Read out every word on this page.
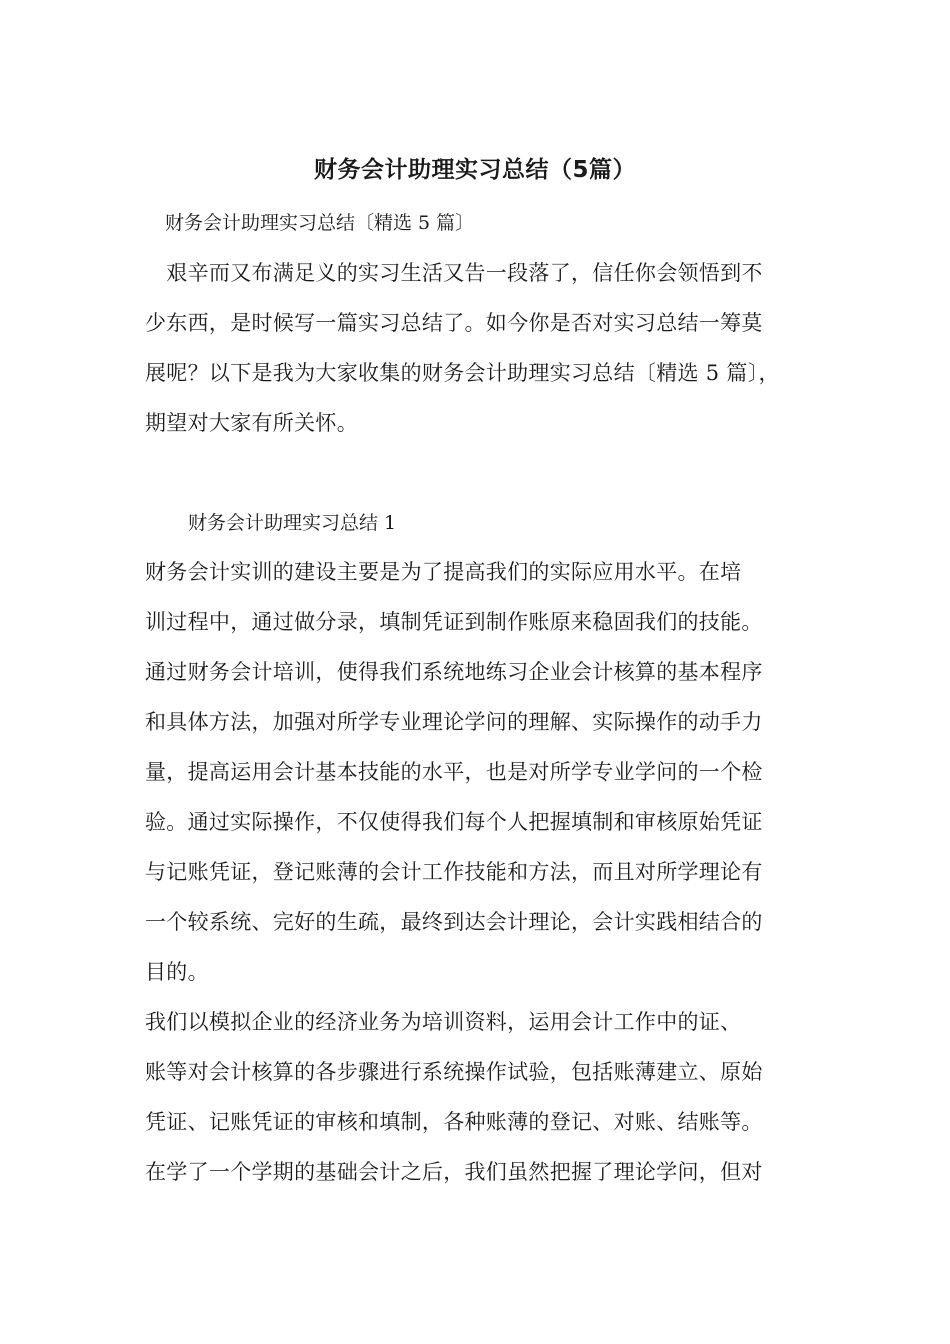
财务会计助理实习总结（5篇）

财务会计助理实习总结〔精选 5 篇〕

　艰辛而又布满足义的实习生活又告一段落了，信任你会领悟到不
少东西，是时候写一篇实习总结了。如今你是否对实习总结一筹莫
展呢？以下是我为大家收集的财务会计助理实习总结〔精选 5 篇〕，
期望对大家有所关怀。

财务会计助理实习总结 1

财务会计实训的建设主要是为了提高我们的实际应用水平。在培
训过程中，通过做分录，填制凭证到制作账原来稳固我们的技能。
通过财务会计培训，使得我们系统地练习企业会计核算的基本程序
和具体方法，加强对所学专业理论学问的理解、实际操作的动手力
量，提高运用会计基本技能的水平，也是对所学专业学问的一个检
验。通过实际操作，不仅使得我们每个人把握填制和审核原始凭证
与记账凭证，登记账薄的会计工作技能和方法，而且对所学理论有
一个较系统、完好的生疏，最终到达会计理论，会计实践相结合的
目的。
我们以模拟企业的经济业务为培训资料，运用会计工作中的证、
账等对会计核算的各步骤进行系统操作试验，包括账薄建立、原始
凭证、记账凭证的审核和填制，各种账薄的登记、对账、结账等。
在学了一个学期的基础会计之后，我们虽然把握了理论学问，但对
